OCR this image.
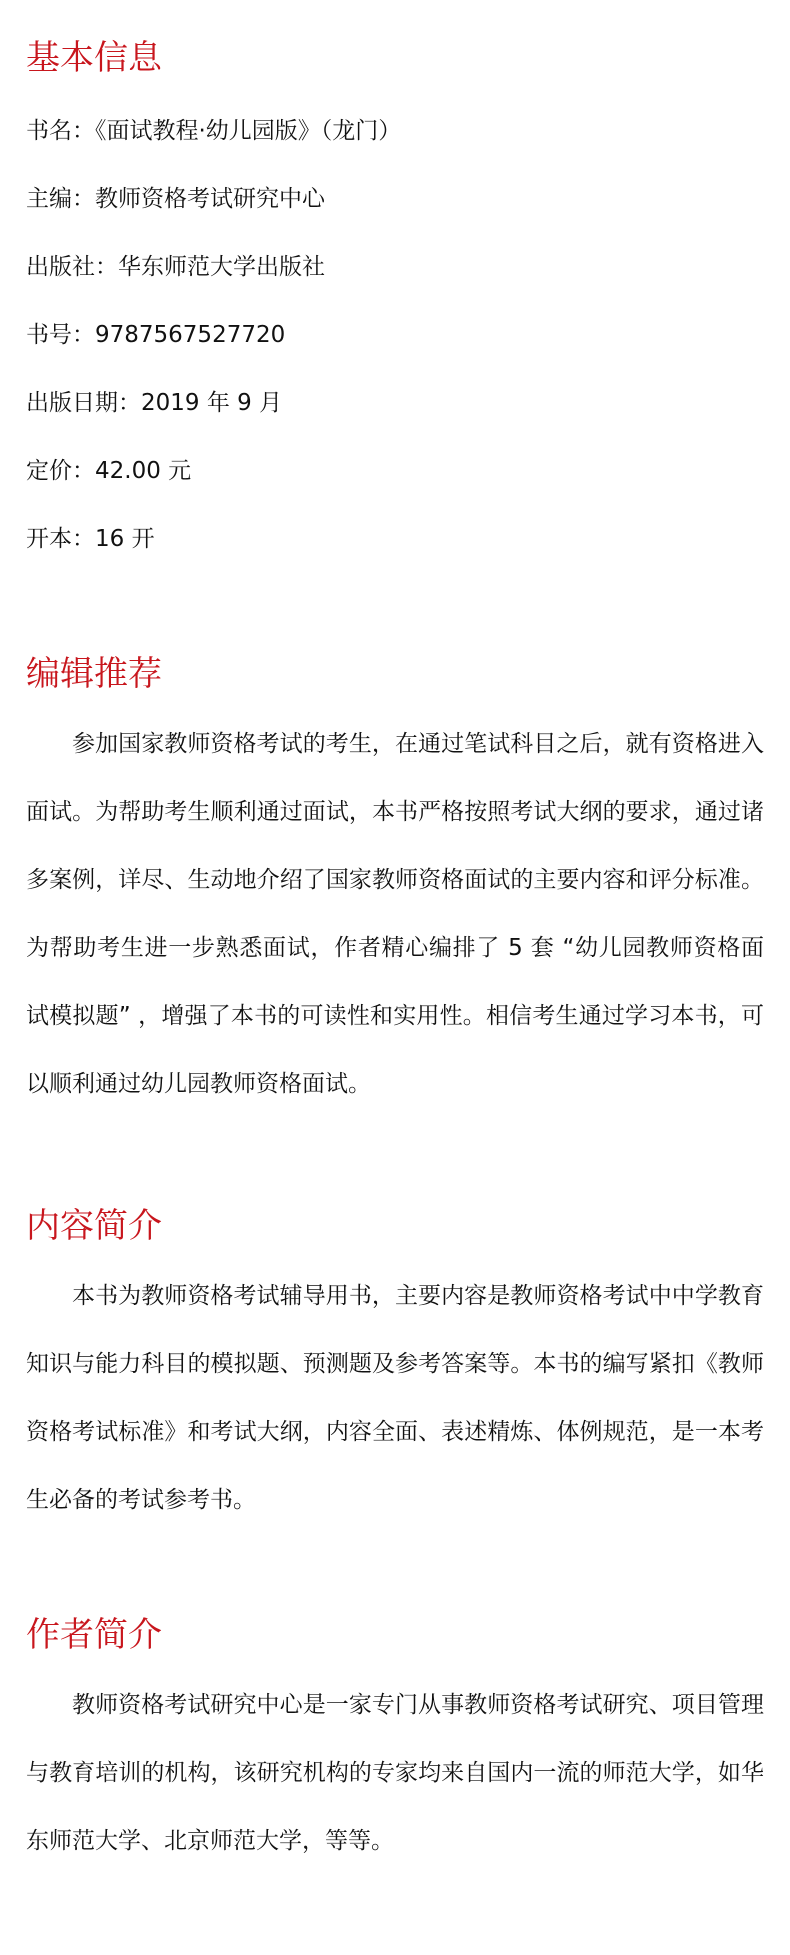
基本信息

书名：《面试教程·幼儿园版》（龙门）

主编：教师资格考试研究中心

出版社：华东师范大学出版社

书号：9787567527720

出版日期：2019 年 9 月

定价：42.00 元

开本：16 开

编辑推荐

参加国家教师资格考试的考生，在通过笔试科目之后，就有资格进入面试。为帮助考生顺利通过面试，本书严格按照考试大纲的要求，通过诸多案例，详尽、生动地介绍了国家教师资格面试的主要内容和评分标准。为帮助考生进一步熟悉面试，作者精心编排了 5 套 “幼儿园教师资格面试模拟题” ，增强了本书的可读性和实用性。相信考生通过学习本书，可以顺利通过幼儿园教师资格面试。

内容简介

本书为教师资格考试辅导用书，主要内容是教师资格考试中中学教育知识与能力科目的模拟题、预测题及参考答案等。本书的编写紧扣《教师资格考试标准》和考试大纲，内容全面、表述精炼、体例规范，是一本考生必备的考试参考书。

作者简介

教师资格考试研究中心是一家专门从事教师资格考试研究、项目管理与教育培训的机构，该研究机构的专家均来自国内一流的师范大学，如华东师范大学、北京师范大学，等等。
